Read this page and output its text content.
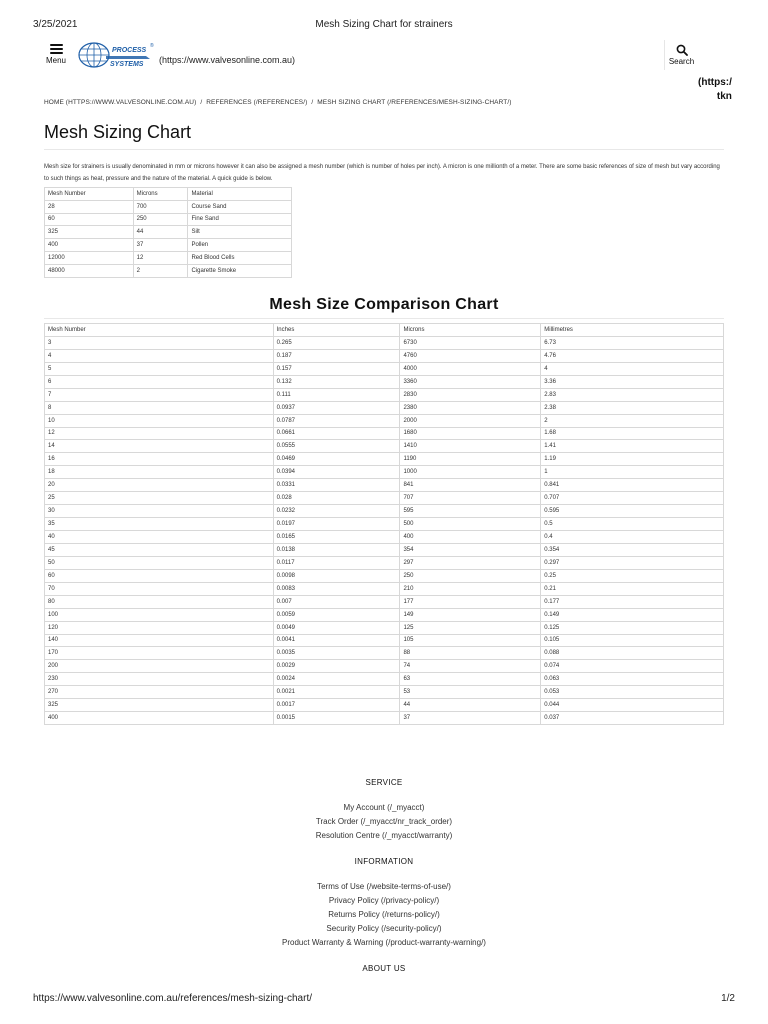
3/25/2021	Mesh Sizing Chart for strainers
Menu
PROCESS
SYSTEMS
®
(https://www.valvesonline.com.au)	Search
(https:/
tkn
HOME (HTTPS://WWW.VALVESONLINE.COM.AU) / REFERENCES (/REFERENCES/) / MESH SIZING CHART (/REFERENCES/MESH-SIZING-CHART/)
Mesh Sizing Chart

Mesh size for strainers is usually denominated in mm or microns however it can also be assigned a mesh number (which is number of holes per inch). A micron is one millionth of a meter. There are some basic references of size of mesh but vary according to such things as heat, pressure and the nature of the material. A quick guide is below.

Mesh Number	Microns	Material
28	700	Course Sand
60	250	Fine Sand
325	44	Silt
400	37	Pollen
12000	12	Red Blood Cells
48000	2	Cigarette Smoke
Mesh Size Comparison Chart
Mesh Number	Inches	Microns	Millimetres
3	0.265	6730	6.73
4	0.187	4760	4.76
5	0.157	4000	4
6	0.132	3360	3.36
7	0.111	2830	2.83
8	0.0937	2380	2.38
10	0.0787	2000	2
12	0.0661	1680	1.68
14	0.0555	1410	1.41
16	0.0469	1190	1.19
18	0.0394	1000	1
20	0.0331	841	0.841
25	0.028	707	0.707
30	0.0232	595	0.595
35	0.0197	500	0.5
40	0.0165	400	0.4
45	0.0138	354	0.354
50	0.0117	297	0.297
60	0.0098	250	0.25
70	0.0083	210	0.21
80	0.007	177	0.177
100	0.0059	149	0.149
120	0.0049	125	0.125
140	0.0041	105	0.105
170	0.0035	88	0.088
200	0.0029	74	0.074
230	0.0024	63	0.063
270	0.0021	53	0.053
325	0.0017	44	0.044
400	0.0015	37	0.037
SERVICE
My Account (/_myacct)
Track Order (/_myacct/nr_track_order)
Resolution Centre (/_myacct/warranty)
INFORMATION
Terms of Use (/website-terms-of-use/)
Privacy Policy (/privacy-policy/)
Returns Policy (/returns-policy/)
Security Policy (/security-policy/)
Product Warranty & Warning (/product-warranty-warning/)
ABOUT US
https://www.valvesonline.com.au/references/mesh-sizing-chart/	1/2
